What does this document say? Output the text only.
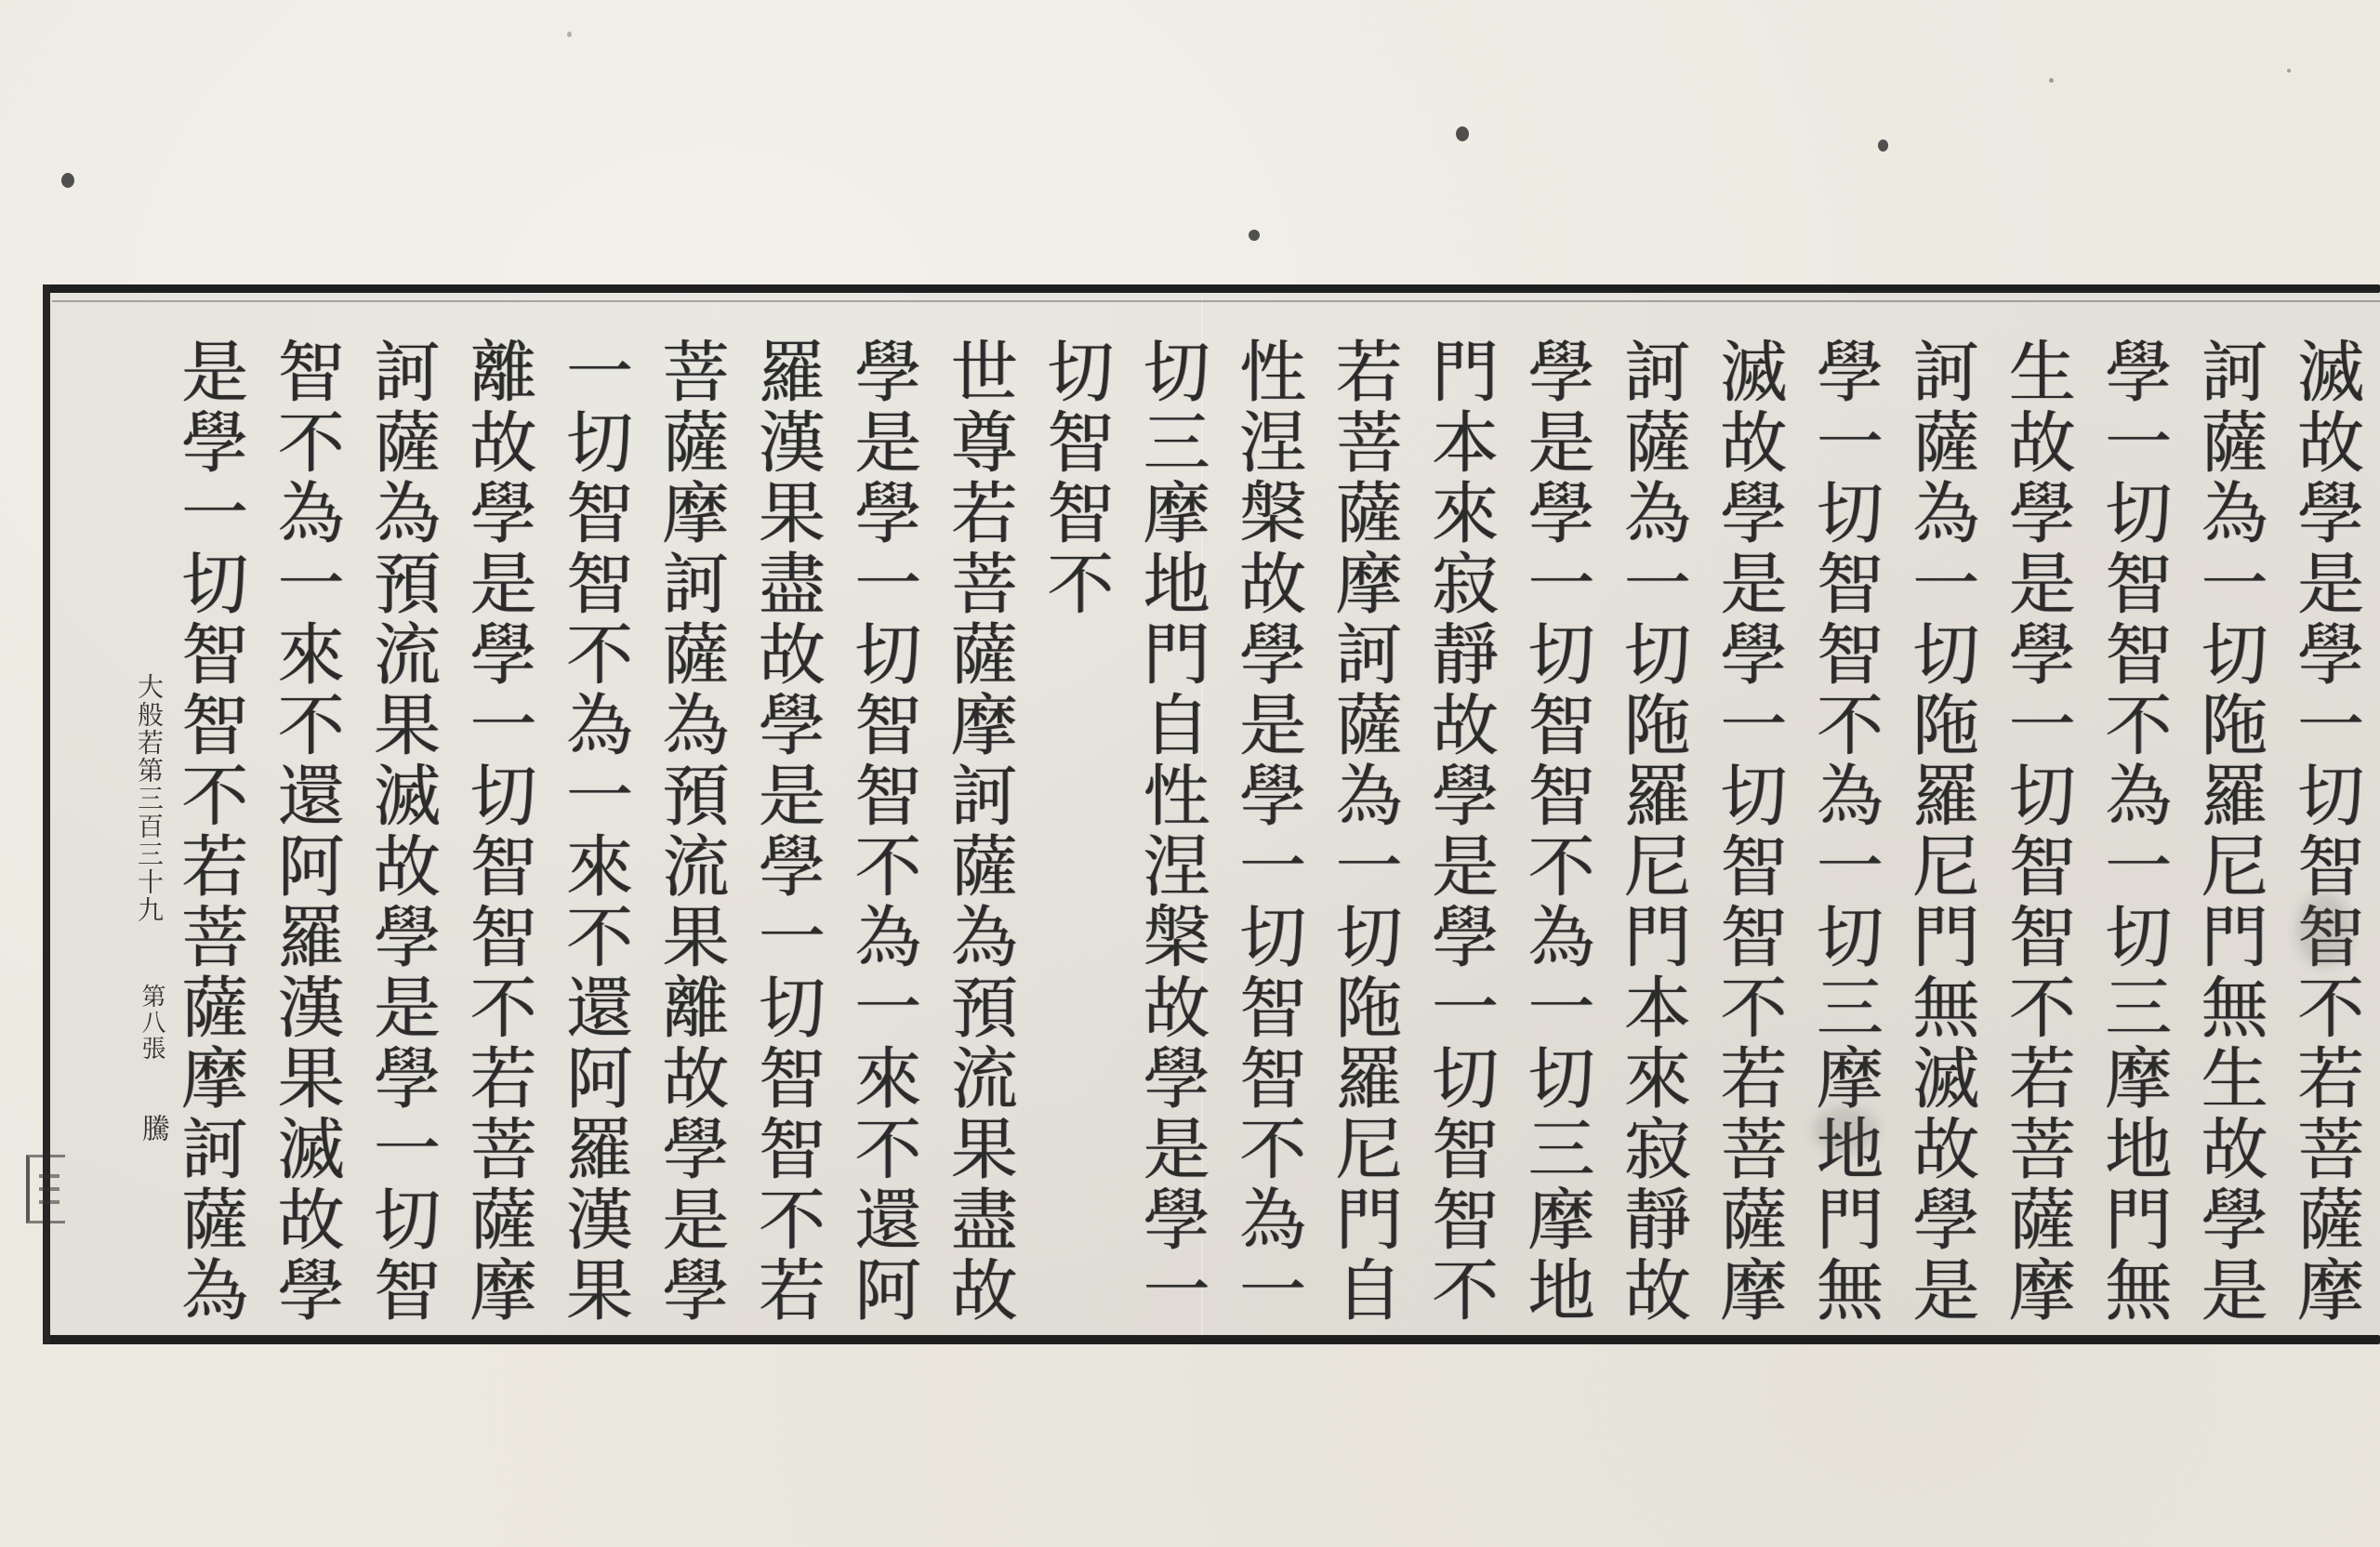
滅故學是學一切智智不若菩薩摩
訶薩為一切陁羅尼門無生故學是
學一切智智不為一切三摩地門無
生故學是學一切智智不若菩薩摩
訶薩為一切陁羅尼門無滅故學是
學一切智智不為一切三摩地門無
滅故學是學一切智智不若菩薩摩
訶薩為一切陁羅尼門本來寂靜故
學是學一切智智不為一切三摩地
門本來寂靜故學是學一切智智不
若菩薩摩訶薩為一切陁羅尼門自
性涅槃故學是學一切智智不為一
切三摩地門自性涅槃故學是學一
切智智不
世尊若菩薩摩訶薩為預流果盡故
學是學一切智智不為一來不還阿
羅漢果盡故學是學一切智智不若
菩薩摩訶薩為預流果離故學是學
一切智智不為一來不還阿羅漢果
離故學是學一切智智不若菩薩摩
訶薩為預流果滅故學是學一切智
智不為一來不還阿羅漢果滅故學
是學一切智智不若菩薩摩訶薩為
大般若第三百三十九
第八張
騰
